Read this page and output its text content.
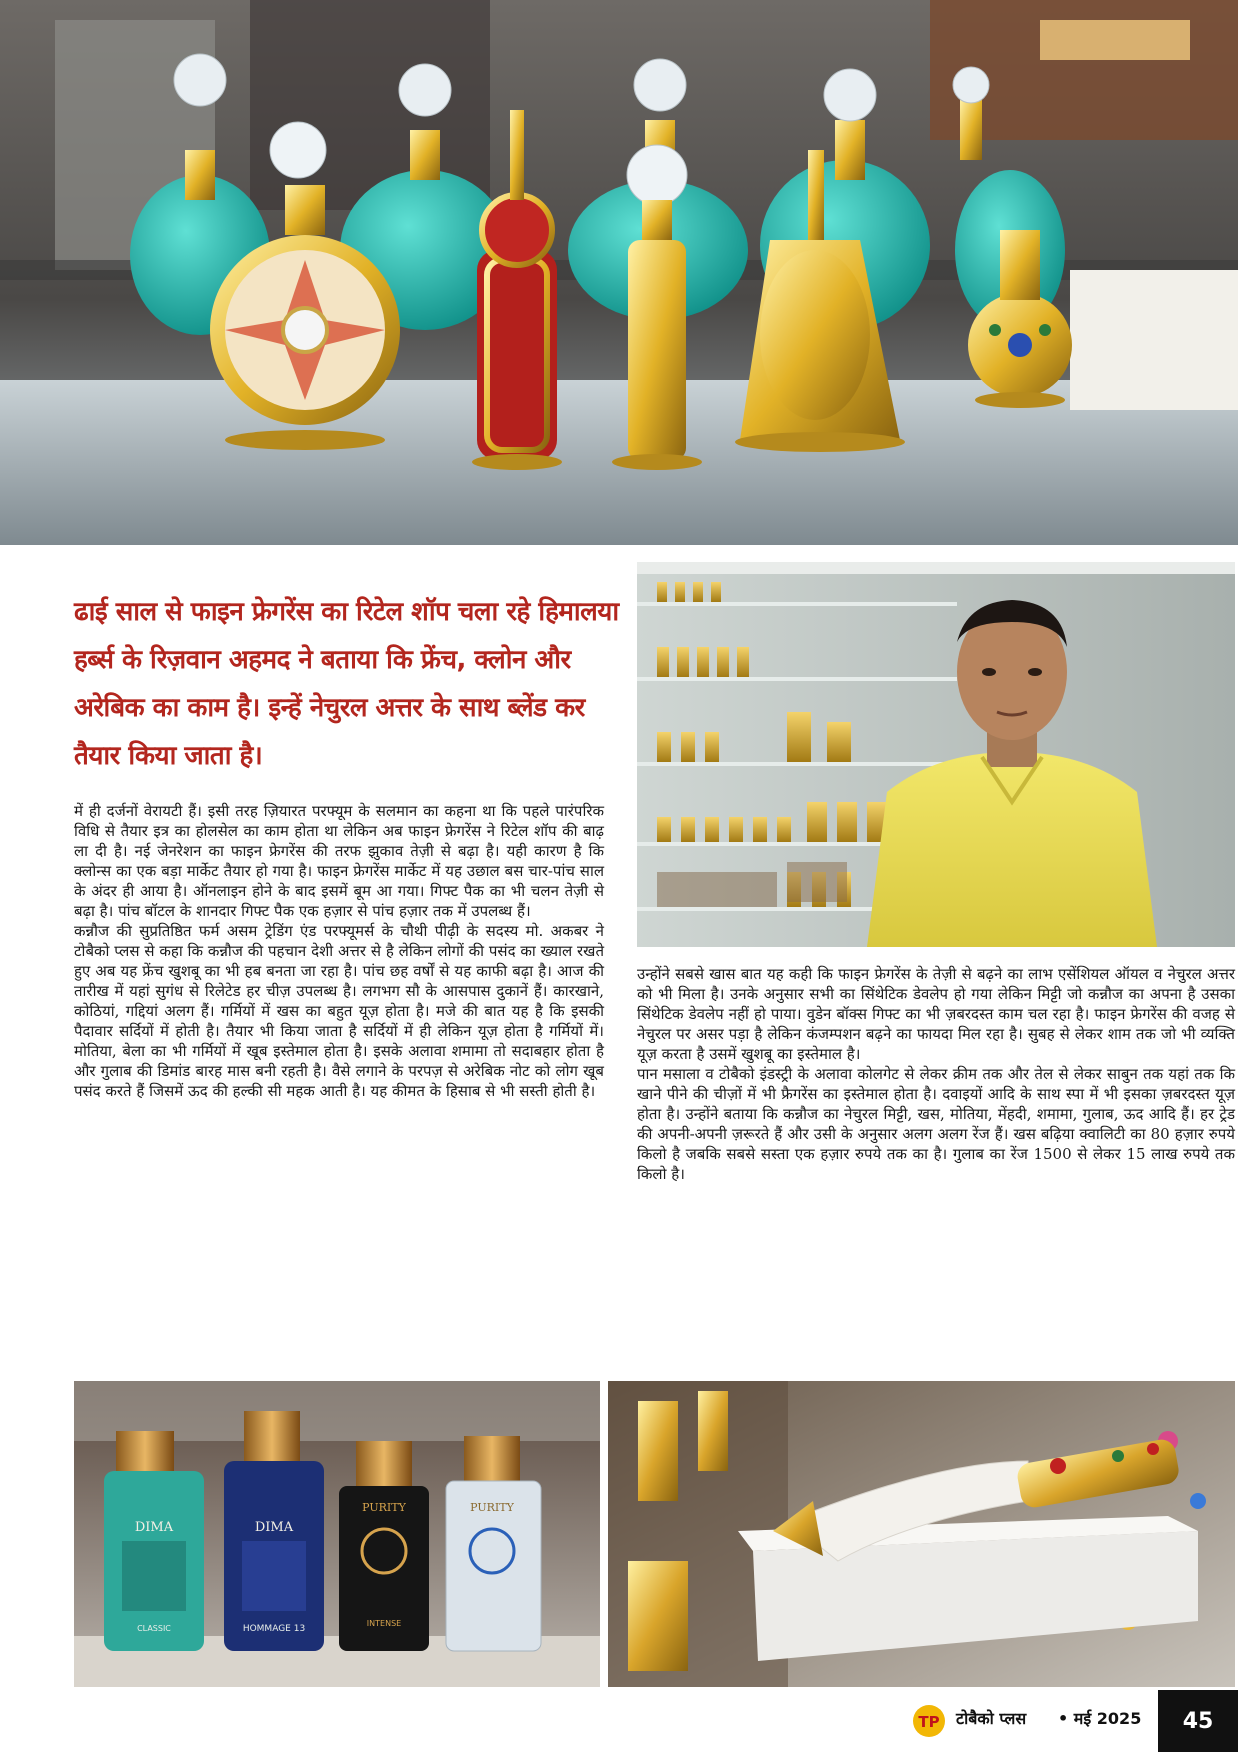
ढाई साल से फाइन फ्रेगरेंस का रिटेल शॉप चला रहे हिमालया हर्ब्स के रिज़वान अहमद ने बताया कि फ्रेंच, क्लोन और अरेबिक का काम है। इन्हें नेचुरल अत्तर के साथ ब्लेंड कर तैयार किया जाता है।

में ही दर्जनों वेरायटी हैं। इसी तरह ज़ियारत परफ्यूम के सलमान का कहना था कि पहले पारंपरिक विधि से तैयार इत्र का होलसेल का काम होता था लेकिन अब फाइन फ्रेगरेंस ने रिटेल शॉप की बाढ़ ला दी है। नई जेनरेशन का फाइन फ्रेगरेंस की तरफ झुकाव तेज़ी से बढ़ा है। यही कारण है कि क्लोन्स का एक बड़ा मार्केट तैयार हो गया है। फाइन फ्रेगरेंस मार्केट में यह उछाल बस चार-पांच साल के अंदर ही आया है। ऑनलाइन होने के बाद इसमें बूम आ गया। गिफ्ट पैक का भी चलन तेज़ी से बढ़ा है। पांच बॉटल के शानदार गिफ्ट पैक एक हज़ार से पांच हज़ार तक में उपलब्ध हैं।

कन्नौज की सुप्रतिष्ठित फर्म असम ट्रेडिंग एंड परफ्यूमर्स के चौथी पीढ़ी के सदस्य मो. अकबर ने टोबैको प्लस से कहा कि कन्नौज की पहचान देशी अत्तर से है लेकिन लोगों की पसंद का ख्याल रखते हुए अब यह फ्रेंच खुशबू का भी हब बनता जा रहा है। पांच छह वर्षों से यह काफी बढ़ा है। आज की तारीख में यहां सुगंध से रिलेटेड हर चीज़ उपलब्ध है। लगभग सौ के आसपास दुकानें हैं। कारखाने, कोठियां, गद्दियां अलग हैं। गर्मियों में खस का बहुत यूज़ होता है। मजे की बात यह है कि इसकी पैदावार सर्दियों में होती है। तैयार भी किया जाता है सर्दियों में ही लेकिन यूज़ होता है गर्मियों में। मोतिया, बेला का भी गर्मियों में खूब इस्तेमाल होता है। इसके अलावा शमामा तो सदाबहार होता है और गुलाब की डिमांड बारह मास बनी रहती है। वैसे लगाने के परपज़ से अरेबिक नोट को लोग खूब पसंद करते हैं जिसमें ऊद की हल्की सी महक आती है। यह कीमत के हिसाब से भी सस्ती होती है।

उन्होंने सबसे खास बात यह कही कि फाइन फ्रेगरेंस के तेज़ी से बढ़ने का लाभ एसेंशियल ऑयल व नेचुरल अत्तर को भी मिला है। उनके अनुसार सभी का सिंथेटिक डेवलेप हो गया लेकिन मिट्टी जो कन्नौज का अपना है उसका सिंथेटिक डेवलेप नहीं हो पाया। वुडेन बॉक्स गिफ्ट का भी ज़बरदस्त काम चल रहा है। फाइन फ्रेगरेंस की वजह से नेचुरल पर असर पड़ा है लेकिन कंजम्पशन बढ़ने का फायदा मिल रहा है। सुबह से लेकर शाम तक जो भी व्यक्ति यूज़ करता है उसमें खुशबू का इस्तेमाल है।

पान मसाला व टोबैको इंडस्ट्री के अलावा कोलगेट से लेकर क्रीम तक और तेल से लेकर साबुन तक यहां तक कि खाने पीने की चीज़ों में भी फ्रैगरेंस का इस्तेमाल होता है। दवाइयों आदि के साथ स्पा में भी इसका ज़बरदस्त यूज़ होता है। उन्होंने बताया कि कन्नौज का नेचुरल मिट्टी, खस, मोतिया, मेंहदी, शमामा, गुलाब, ऊद आदि हैं। हर ट्रेड की अपनी-अपनी ज़रूरते हैं और उसी के अनुसार अलग अलग रेंज हैं। खस बढ़िया क्वालिटी का 80 हज़ार रुपये किलो है जबकि सबसे सस्ता एक हज़ार रुपये तक का है। गुलाब का रेंज 1500 से लेकर 15 लाख रुपये तक किलो है।

DIMA
CLASSIC
DIMA
HOMMAGE 13
PURITY
INTENSE
PURITY
TP टोबैको प्लस • मई 2025	45
